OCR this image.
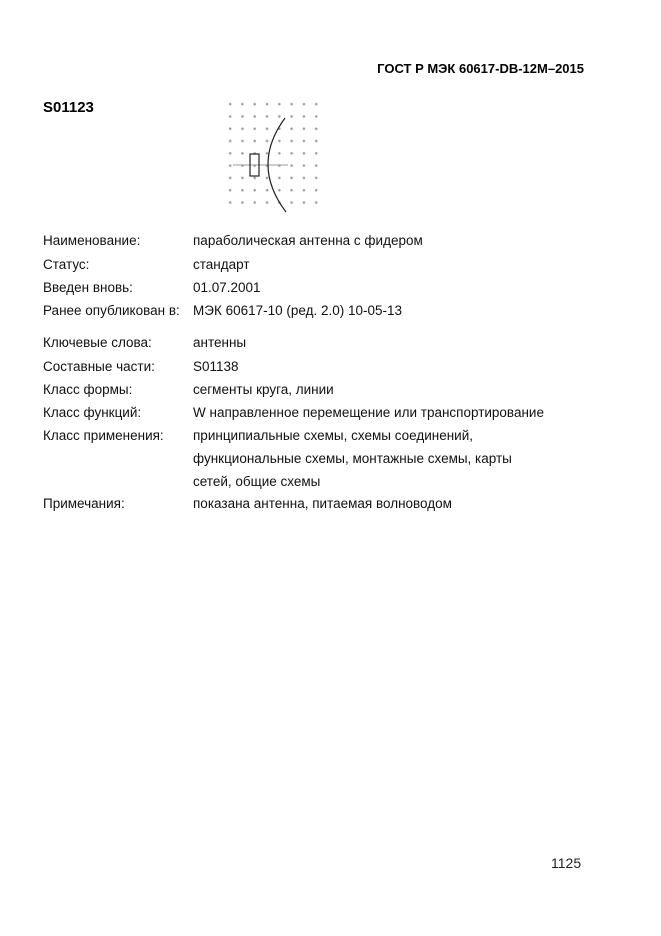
ГОСТ Р МЭК 60617-DB-12M–2015
S01123
Наименование:	параболическая антенна с фидером
Статус:	стандарт
Введен вновь:	01.07.2001
Ранее опубликован в: МЭК 60617-10 (ред. 2.0) 10-05-13
Ключевые слова:	антенны
Составные части:	S01138
Класс формы:	сегменты круга, линии
Класс функций:	W направленное перемещение или транспортирование
Класс применения: принципиальные схемы, схемы соединений,
функциональные схемы, монтажные схемы, карты
сетей, общие схемы
Примечания:	показана антенна, питаемая волноводом
1125
